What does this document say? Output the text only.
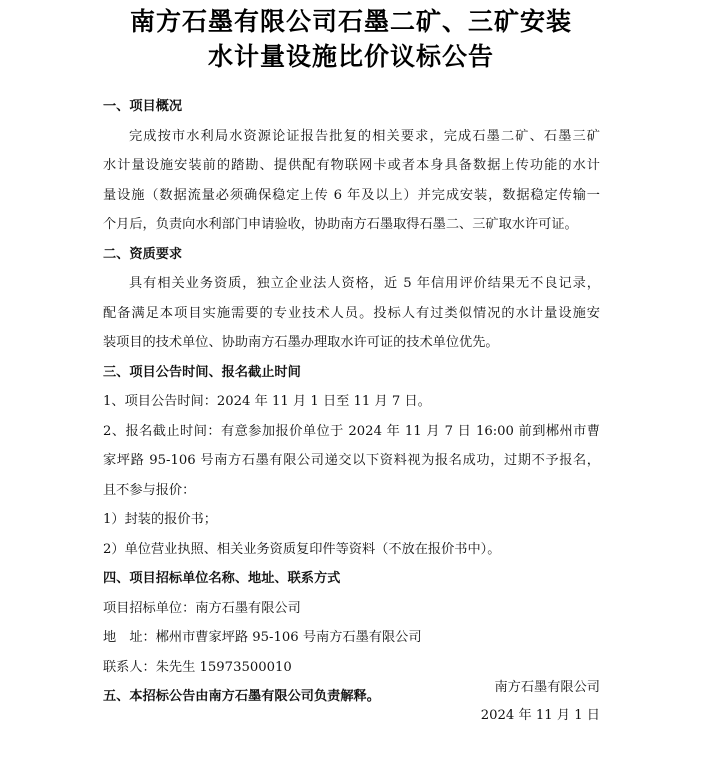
南方石墨有限公司石墨二矿、三矿安装
水计量设施比价议标公告
一、项目概况
完成按市水利局水资源论证报告批复的相关要求，完成石墨二矿、石墨三矿
水计量设施安装前的踏勘、提供配有物联网卡或者本身具备数据上传功能的水计
量设施（数据流量必须确保稳定上传 6 年及以上）并完成安装，数据稳定传输一
个月后，负责向水利部门申请验收，协助南方石墨取得石墨二、三矿取水许可证。
二、资质要求
具有相关业务资质，独立企业法人资格，近 5 年信用评价结果无不良记录，
配备满足本项目实施需要的专业技术人员。投标人有过类似情况的水计量设施安
装项目的技术单位、协助南方石墨办理取水许可证的技术单位优先。
三、项目公告时间、报名截止时间
1、项目公告时间：2024 年 11 月 1 日至 11 月 7 日。
2、报名截止时间：有意参加报价单位于 2024 年 11 月 7 日 16:00 前到郴州市曹
家坪路 95-106 号南方石墨有限公司递交以下资料视为报名成功，过期不予报名，
且不参与报价：
1）封装的报价书；
2）单位营业执照、相关业务资质复印件等资料（不放在报价书中）。
四、项目招标单位名称、地址、联系方式
项目招标单位：南方石墨有限公司
地　址：郴州市曹家坪路 95-106 号南方石墨有限公司
联系人：朱先生 15973500010
五、本招标公告由南方石墨有限公司负责解释。
南方石墨有限公司
2024 年 11 月 1 日
